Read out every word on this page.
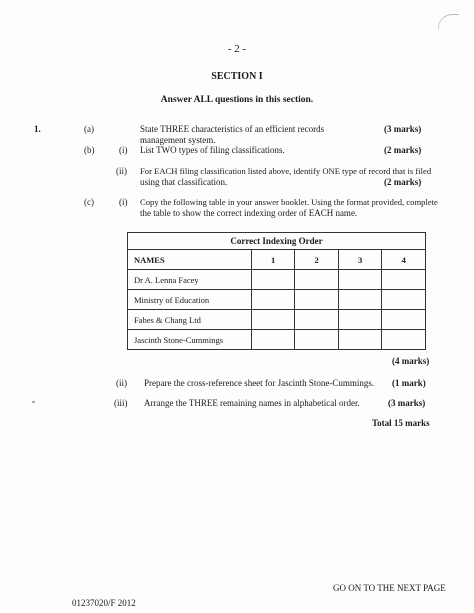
- 2 -
SECTION I
Answer ALL questions in this section.
1.	(a)	State THREE characteristics of an efficient records management system.
(3 marks)
(b)	(i) List TWO types of filing classifications.	(2 marks)
(ii) For EACH filing classification listed above, identify ONE type of record that is filed
using that classification.	(2 marks)
(c)	(i) Copy the following table in your answer booklet. Using the format provided, complete
the table to show the correct indexing order of EACH name.
Correct Indexing Order				
NAMES	1	2	3	4
Dr A. Lenna Facey				
Ministry of Education				
Fabes & Chang Ltd				
Jascinth Stone-Cummings				
(4 marks)
(ii) Prepare the cross-reference sheet for Jascinth Stone-Cummings. (1 mark)
(iii) Arrange the THREE remaining names in alphabetical order.	(3 marks)
Total 15 marks
GO ON TO THE NEXT PAGE
01237020/F 2012
